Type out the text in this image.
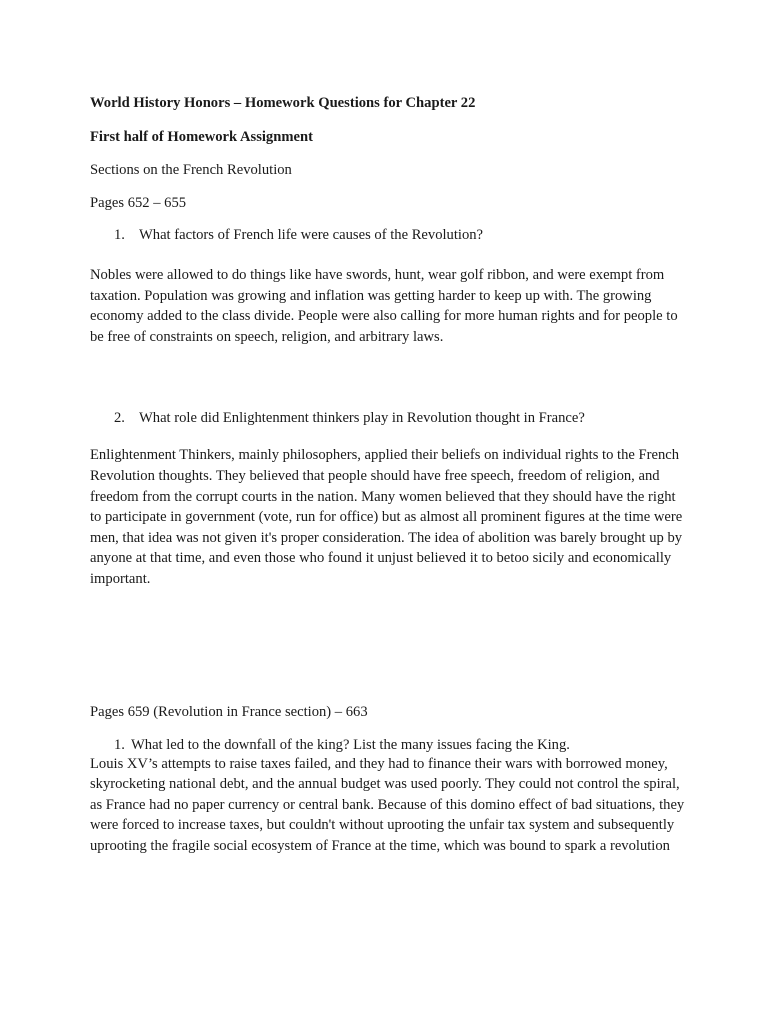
World History Honors – Homework Questions for Chapter 22

First half of Homework Assignment

Sections on the French Revolution

Pages 652 – 655

1. What factors of French life were causes of the Revolution?

Nobles were allowed to do things like have swords, hunt, wear golf ribbon, and were exempt from taxation. Population was growing and inflation was getting harder to keep up with. The growing economy added to the class divide. People were also calling for more human rights and for people to be free of constraints on speech, religion, and arbitrary laws.

2. What role did Enlightenment thinkers play in Revolution thought in France?

Enlightenment Thinkers, mainly philosophers, applied their beliefs on individual rights to the French Revolution thoughts. They believed that people should have free speech, freedom of religion, and freedom from the corrupt courts in the nation. Many women believed that they should have the right to participate in government (vote, run for office) but as almost all prominent figures at the time were men, that idea was not given it's proper consideration. The idea of abolition was barely brought up by anyone at that time, and even those who found it unjust believed it to betoo sicily and economically important.

Pages 659 (Revolution in France section) – 663

1. What led to the downfall of the king? List the many issues facing the King.

Louis XV’s attempts to raise taxes failed, and they had to finance their wars with borrowed money, skyrocketing national debt, and the annual budget was used poorly. They could not control the spiral, as France had no paper currency or central bank. Because of this domino effect of bad situations, they were forced to increase taxes, but couldn't without uprooting the unfair tax system and subsequently uprooting the fragile social ecosystem of France at the time, which was bound to spark a revolution
